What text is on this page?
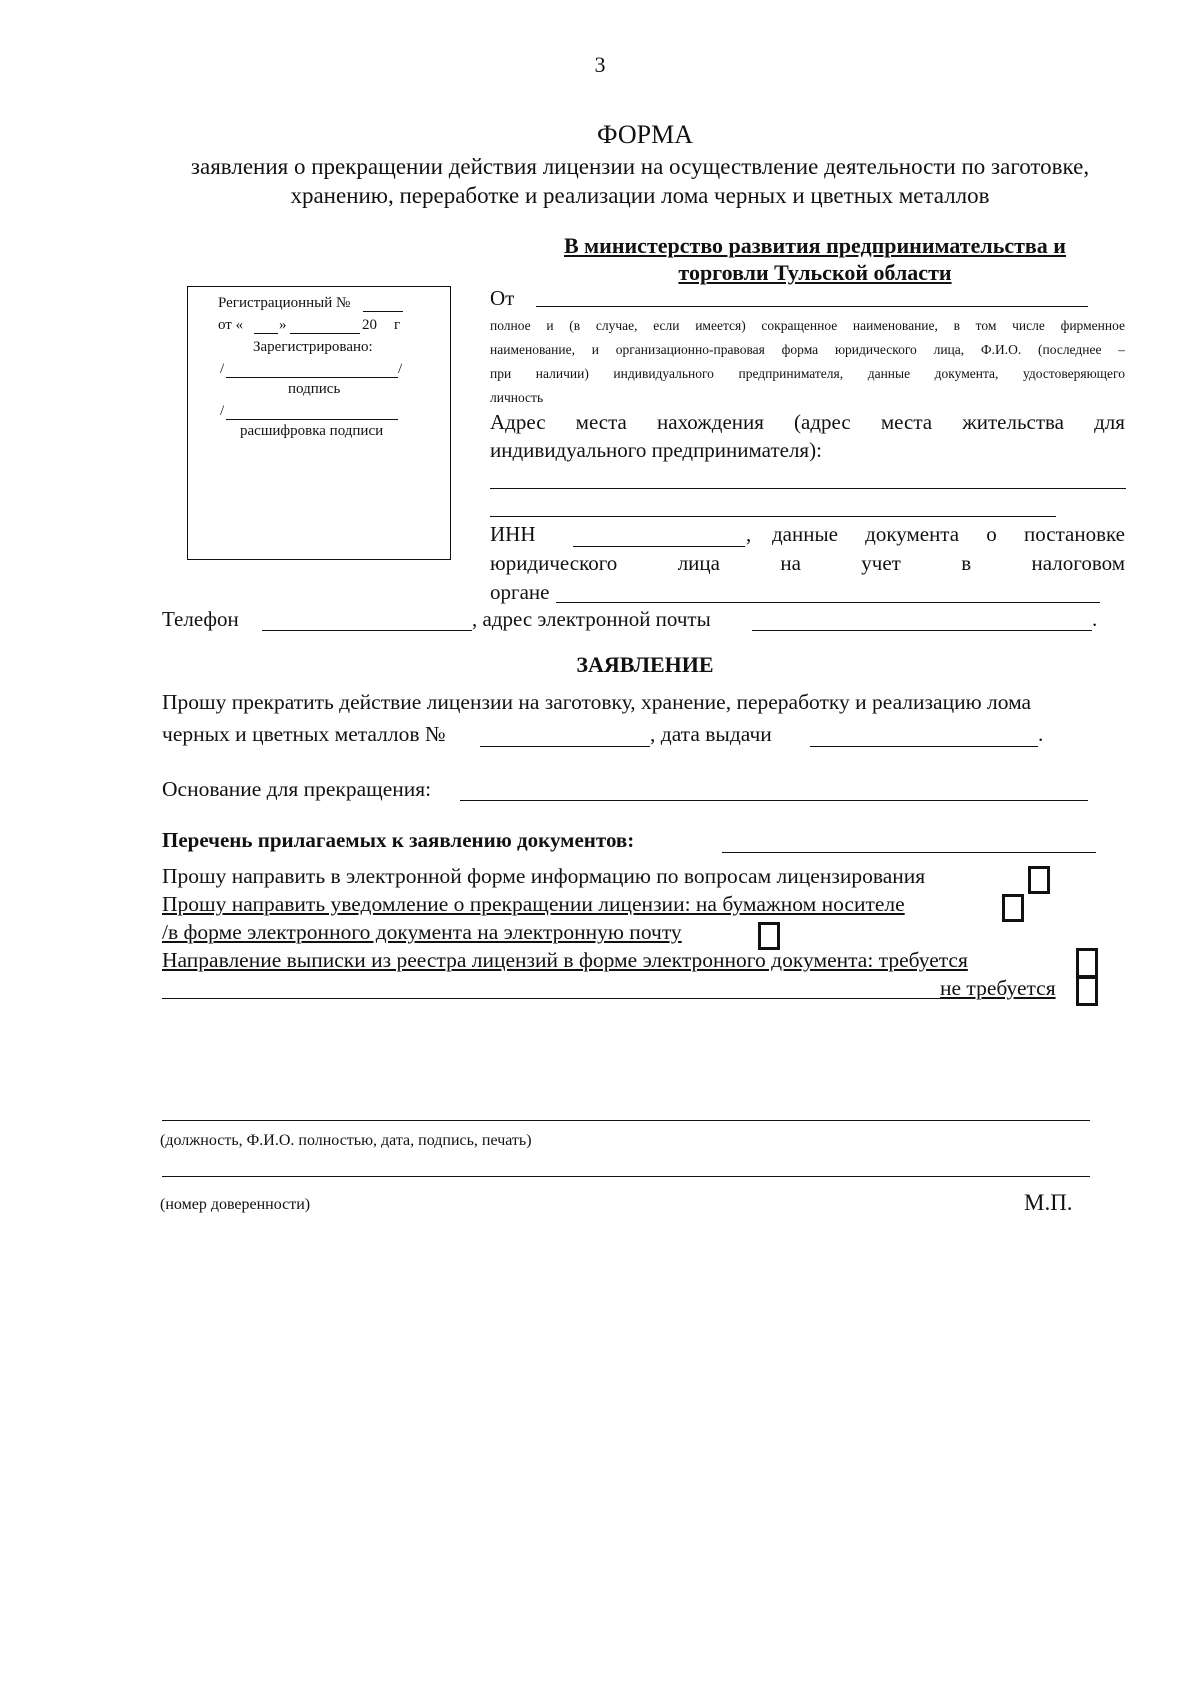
3
ФОРМА
заявления о прекращении действия лицензии на осуществление деятельности по заготовке,
хранению, переработке и реализации лома черных и цветных металлов
В министерство развития предпринимательства и
торговли Тульской области
Регистрационный №
от « »	20 г
Зарегистрировано:
/	/
подпись
/
расшифровка подписи
От
полное и (в случае, если имеется) сокращенное наименование, в том числе фирменное
наименование, и организационно-правовая форма юридического лица, Ф.И.О. (последнее –
при наличии) индивидуального предпринимателя, данные документа, удостоверяющего
личность
Адрес места нахождения (адрес места жительства для
индивидуального предпринимателя):
ИНН	, данные документа о постановке
юридического	лица	на	учет	в	налоговом
органе
Телефон	, адрес электронной почты	.
ЗАЯВЛЕНИЕ
Прошу прекратить действие лицензии на заготовку, хранение, переработку и реализацию лома
черных и цветных металлов №	, дата выдачи	.
Основание для прекращения:
Перечень прилагаемых к заявлению документов:
Прошу направить в электронной форме информацию по вопросам лицензирования
Прошу направить уведомление о прекращении лицензии: на бумажном носителе
/в форме электронного документа на электронную почту
Направление выписки из реестра лицензий в форме электронного документа: требуется
не требуется
(должность, Ф.И.О. полностью, дата, подпись, печать)
(номер доверенности)	М.П.
